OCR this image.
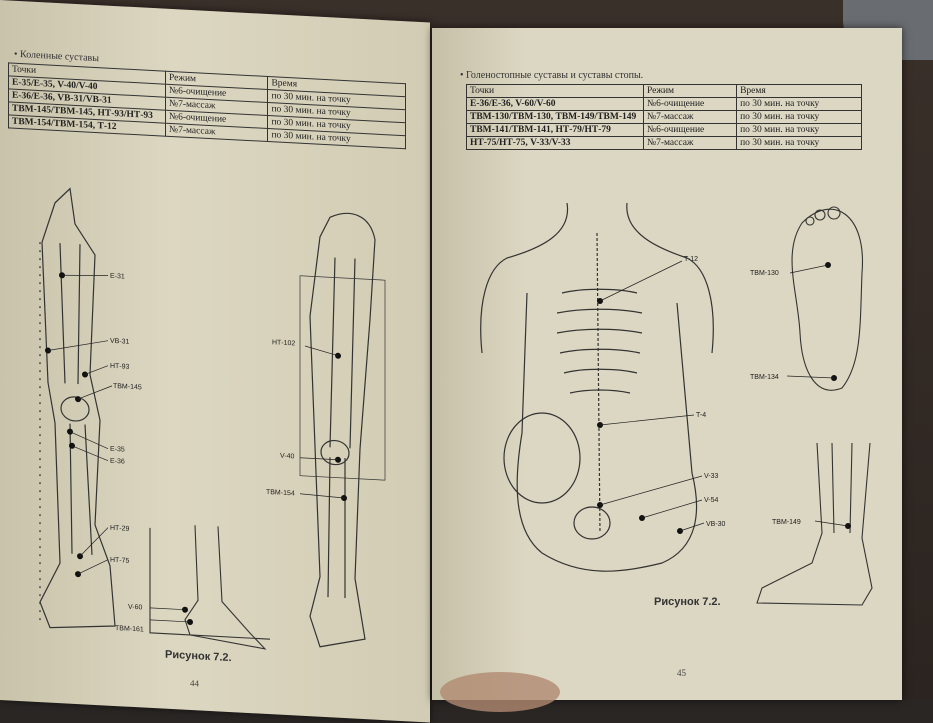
• Коленные суставы
Точки	Режим	Время
E-35/E-35, V-40/V-40	№6-очищение	по 30 мин. на точку
E-36/E-36, VB-31/VB-31	№7-массаж	по 30 мин. на точку
ТВМ-145/ТВМ-145, НТ-93/НТ-93	№6-очищение	по 30 мин. на точку
ТВМ-154/ТВМ-154, Т-12	№7-массаж	по 30 мин. на точку
E-31
VB-31
НТ-93
ТВМ-145
E-35
E-36
НТ-29
НТ-75
V-60
ТВМ-161
НТ-102
V-40
ТВМ-154
Рисунок 7.2.
44
• Голеностопные суставы и суставы стопы.
Точки	Режим	Время
E-36/E-36, V-60/V-60	№6-очищение	по 30 мин. на точку
ТВМ-130/ТВМ-130, ТВМ-149/ТВМ-149	№7-массаж	по 30 мин. на точку
ТВМ-141/ТВМ-141, НТ-79/НТ-79	№6-очищение	по 30 мин. на точку
НТ-75/НТ-75, V-33/V-33	№7-массаж	по 30 мин. на точку
T-12
T-4
V-33
V-54
VB-30
ТВМ-130
ТВМ-134
ТВМ-149
Рисунок 7.2.
45
